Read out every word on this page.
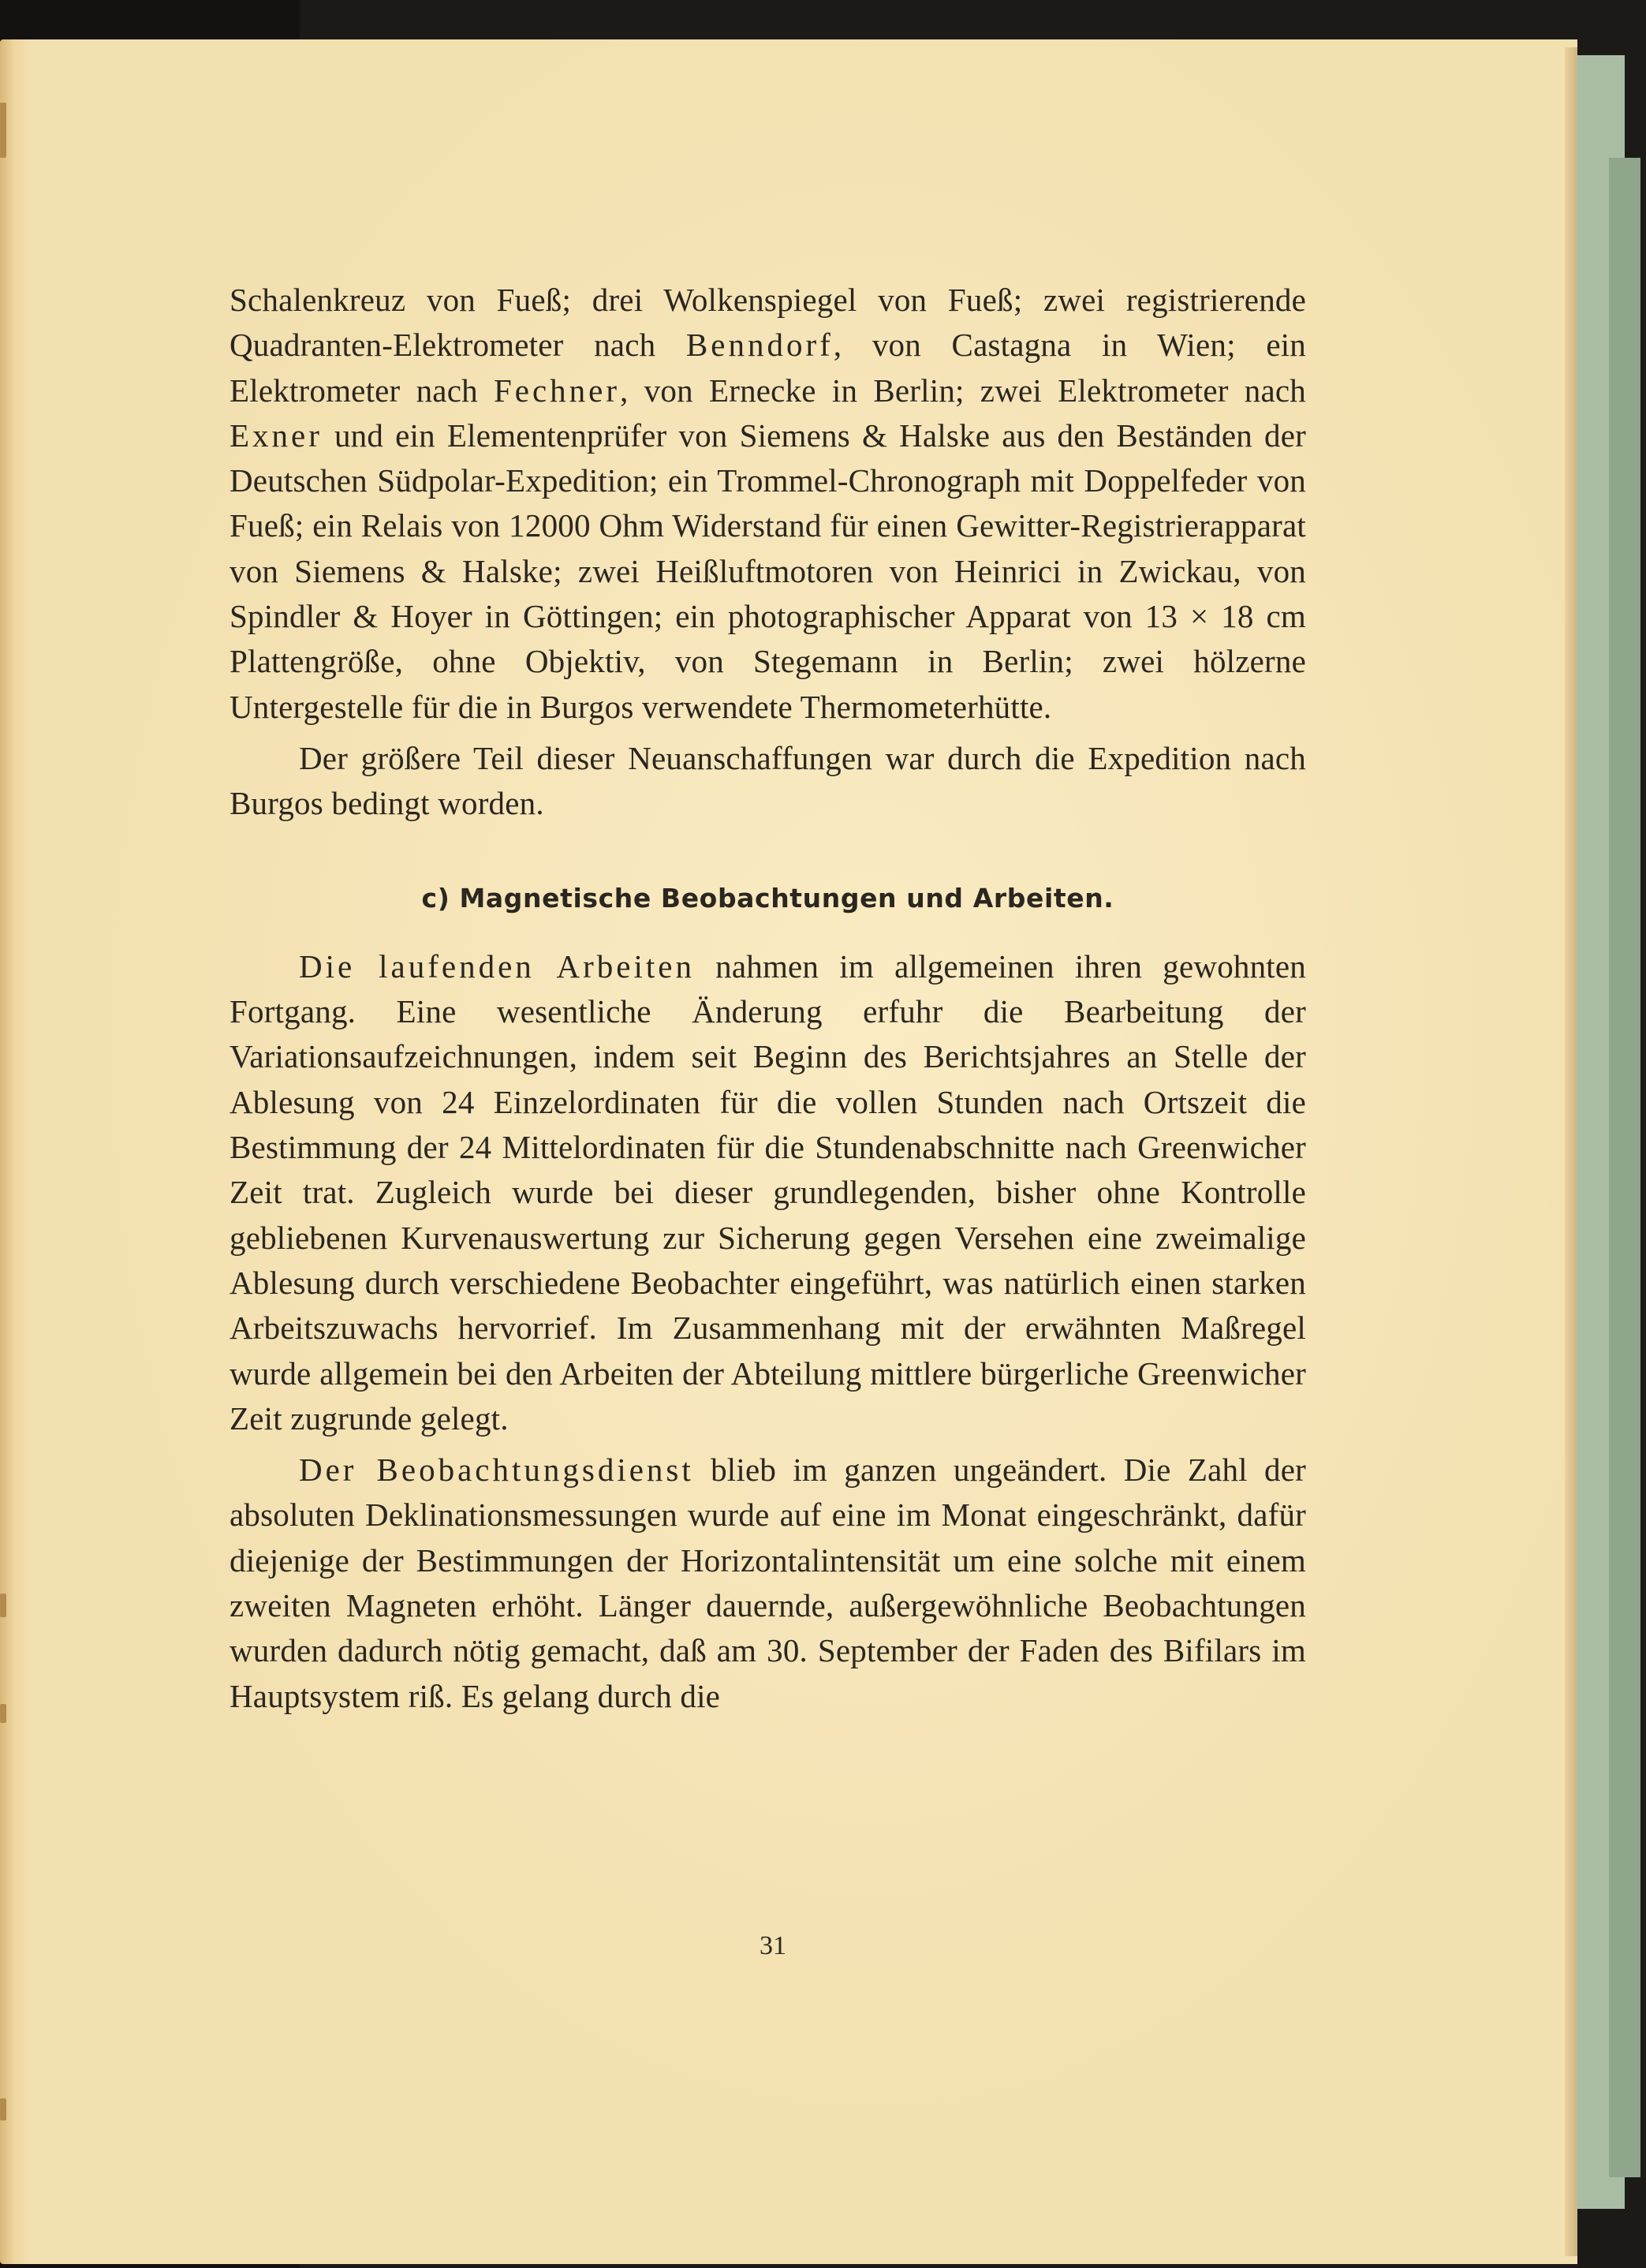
Schalenkreuz von Fueß; drei Wolkenspiegel von Fueß; zwei registrierende Quadranten-Elektrometer nach Benndorf, von Castagna in Wien; ein Elektrometer nach Fechner, von Ernecke in Berlin; zwei Elektrometer nach Exner und ein Elementenprüfer von Siemens & Halske aus den Beständen der Deutschen Südpolar-Expedition; ein Trommel-Chronograph mit Doppelfeder von Fueß; ein Relais von 12000 Ohm Widerstand für einen Gewitter-Registrierapparat von Siemens & Halske; zwei Heißluftmotoren von Heinrici in Zwickau, von Spindler & Hoyer in Göttingen; ein photographischer Apparat von 13 × 18 cm Plattengröße, ohne Objektiv, von Stegemann in Berlin; zwei hölzerne Untergestelle für die in Burgos verwendete Thermometerhütte.

Der größere Teil dieser Neuanschaffungen war durch die Expedition nach Burgos bedingt worden.

c) Magnetische Beobachtungen und Arbeiten.

Die laufenden Arbeiten nahmen im allgemeinen ihren gewohnten Fortgang. Eine wesentliche Änderung erfuhr die Bearbeitung der Variationsaufzeichnungen, indem seit Beginn des Berichtsjahres an Stelle der Ablesung von 24 Einzelordinaten für die vollen Stunden nach Ortszeit die Bestimmung der 24 Mittelordinaten für die Stundenabschnitte nach Greenwicher Zeit trat. Zugleich wurde bei dieser grundlegenden, bisher ohne Kontrolle gebliebenen Kurvenauswertung zur Sicherung gegen Versehen eine zweimalige Ablesung durch verschiedene Beobachter eingeführt, was natürlich einen starken Arbeitszuwachs hervorrief. Im Zusammenhang mit der erwähnten Maßregel wurde allgemein bei den Arbeiten der Abteilung mittlere bürgerliche Greenwicher Zeit zugrunde gelegt.

Der Beobachtungsdienst blieb im ganzen ungeändert. Die Zahl der absoluten Deklinationsmessungen wurde auf eine im Monat eingeschränkt, dafür diejenige der Bestimmungen der Horizontalintensität um eine solche mit einem zweiten Magneten erhöht. Länger dauernde, außergewöhnliche Beobachtungen wurden dadurch nötig gemacht, daß am 30. September der Faden des Bifilars im Hauptsystem riß. Es gelang durch die

31
